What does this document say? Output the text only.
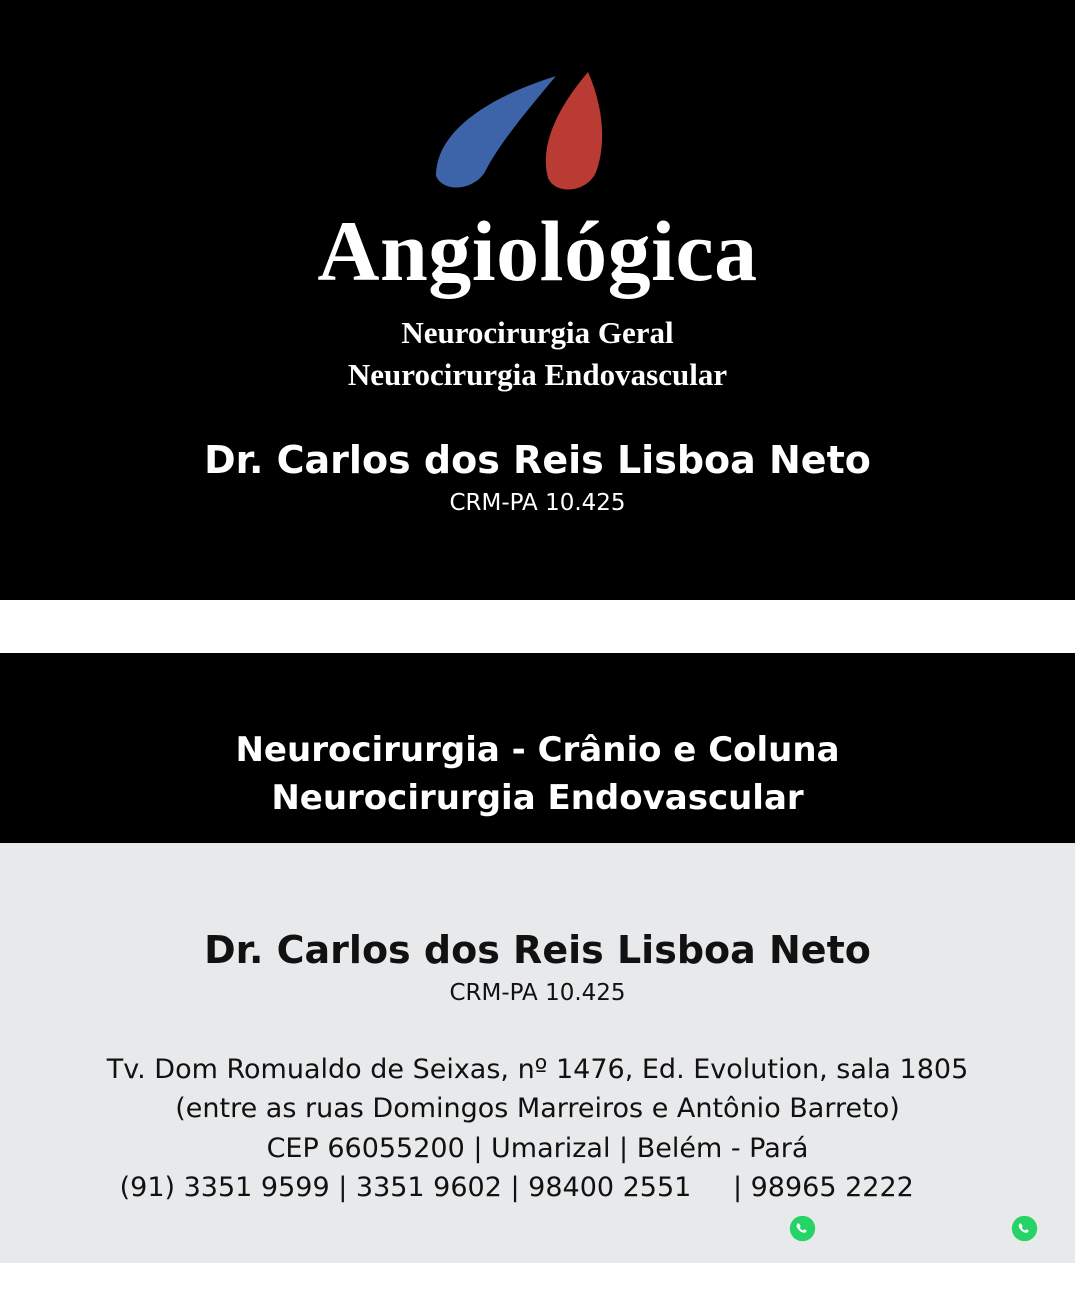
Angiológica
Neurocirurgia Geral
Neurocirurgia Endovascular
Dr. Carlos dos Reis Lisboa Neto
CRM-PA 10.425
Neurocirurgia - Crânio e Coluna
Neurocirurgia Endovascular
Dr. Carlos dos Reis Lisboa Neto
CRM-PA 10.425
Tv. Dom Romualdo de Seixas, nº 1476, Ed. Evolution, sala 1805
(entre as ruas Domingos Marreiros e Antônio Barreto)
CEP 66055200 | Umarizal | Belém - Pará
(91) 3351 9599 | 3351 9602 | 98400 2551

| 98965 2222
